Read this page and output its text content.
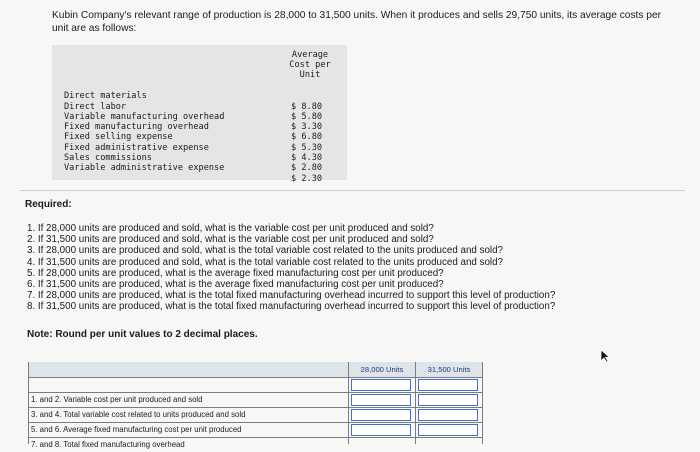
Kubin Company's relevant range of production is 28,000 to 31,500 units. When it produces and sells 29,750 units, its average costs per unit are as follows:
Average
Cost per
Unit

Direct materials

$ 8.80

Direct labor

$ 5.80

Variable manufacturing overhead

$ 3.30

Fixed manufacturing overhead

$ 6.80

Fixed selling expense

$ 5.30

Fixed administrative expense

$ 4.30

Sales commissions

$ 2.80

Variable administrative expense

$ 2.30

Required:
1. If 28,000 units are produced and sold, what is the variable cost per unit produced and sold?
2. If 31,500 units are produced and sold, what is the variable cost per unit produced and sold?
3. If 28,000 units are produced and sold, what is the total variable cost related to the units produced and sold?
4. If 31,500 units are produced and sold, what is the total variable cost related to the units produced and sold?
5. If 28,000 units are produced, what is the average fixed manufacturing cost per unit produced?
6. If 31,500 units are produced, what is the average fixed manufacturing cost per unit produced?
7. If 28,000 units are produced, what is the total fixed manufacturing overhead incurred to support this level of production?
8. If 31,500 units are produced, what is the total fixed manufacturing overhead incurred to support this level of production?
Note: Round per unit values to 2 decimal places.
28,000 Units	31,500 Units
1. and 2. Variable cost per unit produced and sold
3. and 4. Total variable cost related to units produced and sold
5. and 6. Average fixed manufacturing cost per unit produced
7. and 8. Total fixed manufacturing overhead
